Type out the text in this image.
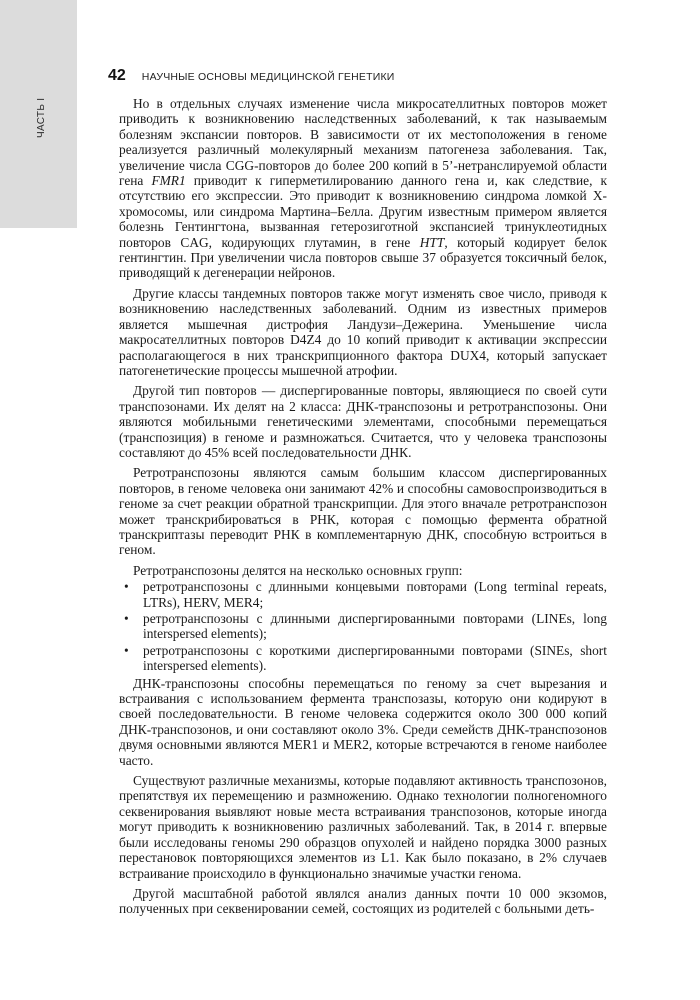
ЧАСТЬ I
42 НАУЧНЫЕ ОСНОВЫ МЕДИЦИНСКОЙ ГЕНЕТИКИ

Но в отдельных случаях изменение числа микросателлитных повторов может приводить к возникновению наследственных заболеваний, к так называемым болезням экспансии повторов. В зависимости от их местоположения в геноме реализуется различный молекулярный механизм патогенеза заболевания. Так, увеличение числа CGG-повторов до более 200 копий в 5’-нетранслируемой области гена FMR1 приводит к гиперметилированию данного гена и, как следствие, к отсутствию его экспрессии. Это приводит к возникновению синдрома ломкой X-хромосомы, или синдрома Мартина–Белла. Другим известным примером является болезнь Гентингтона, вызванная гетерозиготной экспансией тринуклеотидных повторов CAG, кодирующих глутамин, в гене HTT, который кодирует белок гентингтин. При увеличении числа повторов свыше 37 образуется токсичный белок, приводящий к дегенерации нейронов.

Другие классы тандемных повторов также могут изменять свое число, приводя к возникновению наследственных заболеваний. Одним из известных примеров является мышечная дистрофия Ландузи–Дежерина. Уменьшение числа макросателлитных повторов D4Z4 до 10 копий приводит к активации экспрессии располагающегося в них транскрипционного фактора DUX4, который запускает патогенетические процессы мышечной атрофии.

Другой тип повторов — диспергированные повторы, являющиеся по своей сути транспозонами. Их делят на 2 класса: ДНК-транспозоны и ретротранспозоны. Они являются мобильными генетическими элементами, способными перемещаться (транспозиция) в геноме и размножаться. Считается, что у человека транспозоны составляют до 45% всей последовательности ДНК.

Ретротранспозоны являются самым большим классом диспергированных повторов, в геноме человека они занимают 42% и способны самовоспроизводиться в геноме за счет реакции обратной транскрипции. Для этого вначале ретротранспозон может транскрибироваться в РНК, которая с помощью фермента обратной транскриптазы переводит РНК в комплементарную ДНК, способную встроиться в геном.

Ретротранспозоны делятся на несколько основных групп:

• ретротранспозоны с длинными концевыми повторами (Long terminal repeats, LTRs), HERV, MER4;
• ретротранспозоны с длинными диспергированными повторами (LINEs, long interspersed elements);
• ретротранспозоны с короткими диспергированными повторами (SINEs, short interspersed elements).

ДНК-транспозоны способны перемещаться по геному за счет вырезания и встраивания с использованием фермента транспозазы, которую они кодируют в своей последовательности. В геноме человека содержится около 300 000 копий ДНК-транспозонов, и они составляют около 3%. Среди семейств ДНК-транспозонов двумя основными являются MER1 и MER2, которые встречаются в геноме наиболее часто.

Существуют различные механизмы, которые подавляют активность транспозонов, препятствуя их перемещению и размножению. Однако технологии полногеномного секвенирования выявляют новые места встраивания транспозонов, которые иногда могут приводить к возникновению различных заболеваний. Так, в 2014 г. впервые были исследованы геномы 290 образцов опухолей и найдено порядка 3000 разных перестановок повторяющихся элементов из L1. Как было показано, в 2% случаев встраивание происходило в функционально значимые участки генома.

Другой масштабной работой являлся анализ данных почти 10 000 экзомов, полученных при секвенировании семей, состоящих из родителей с больными деть-
